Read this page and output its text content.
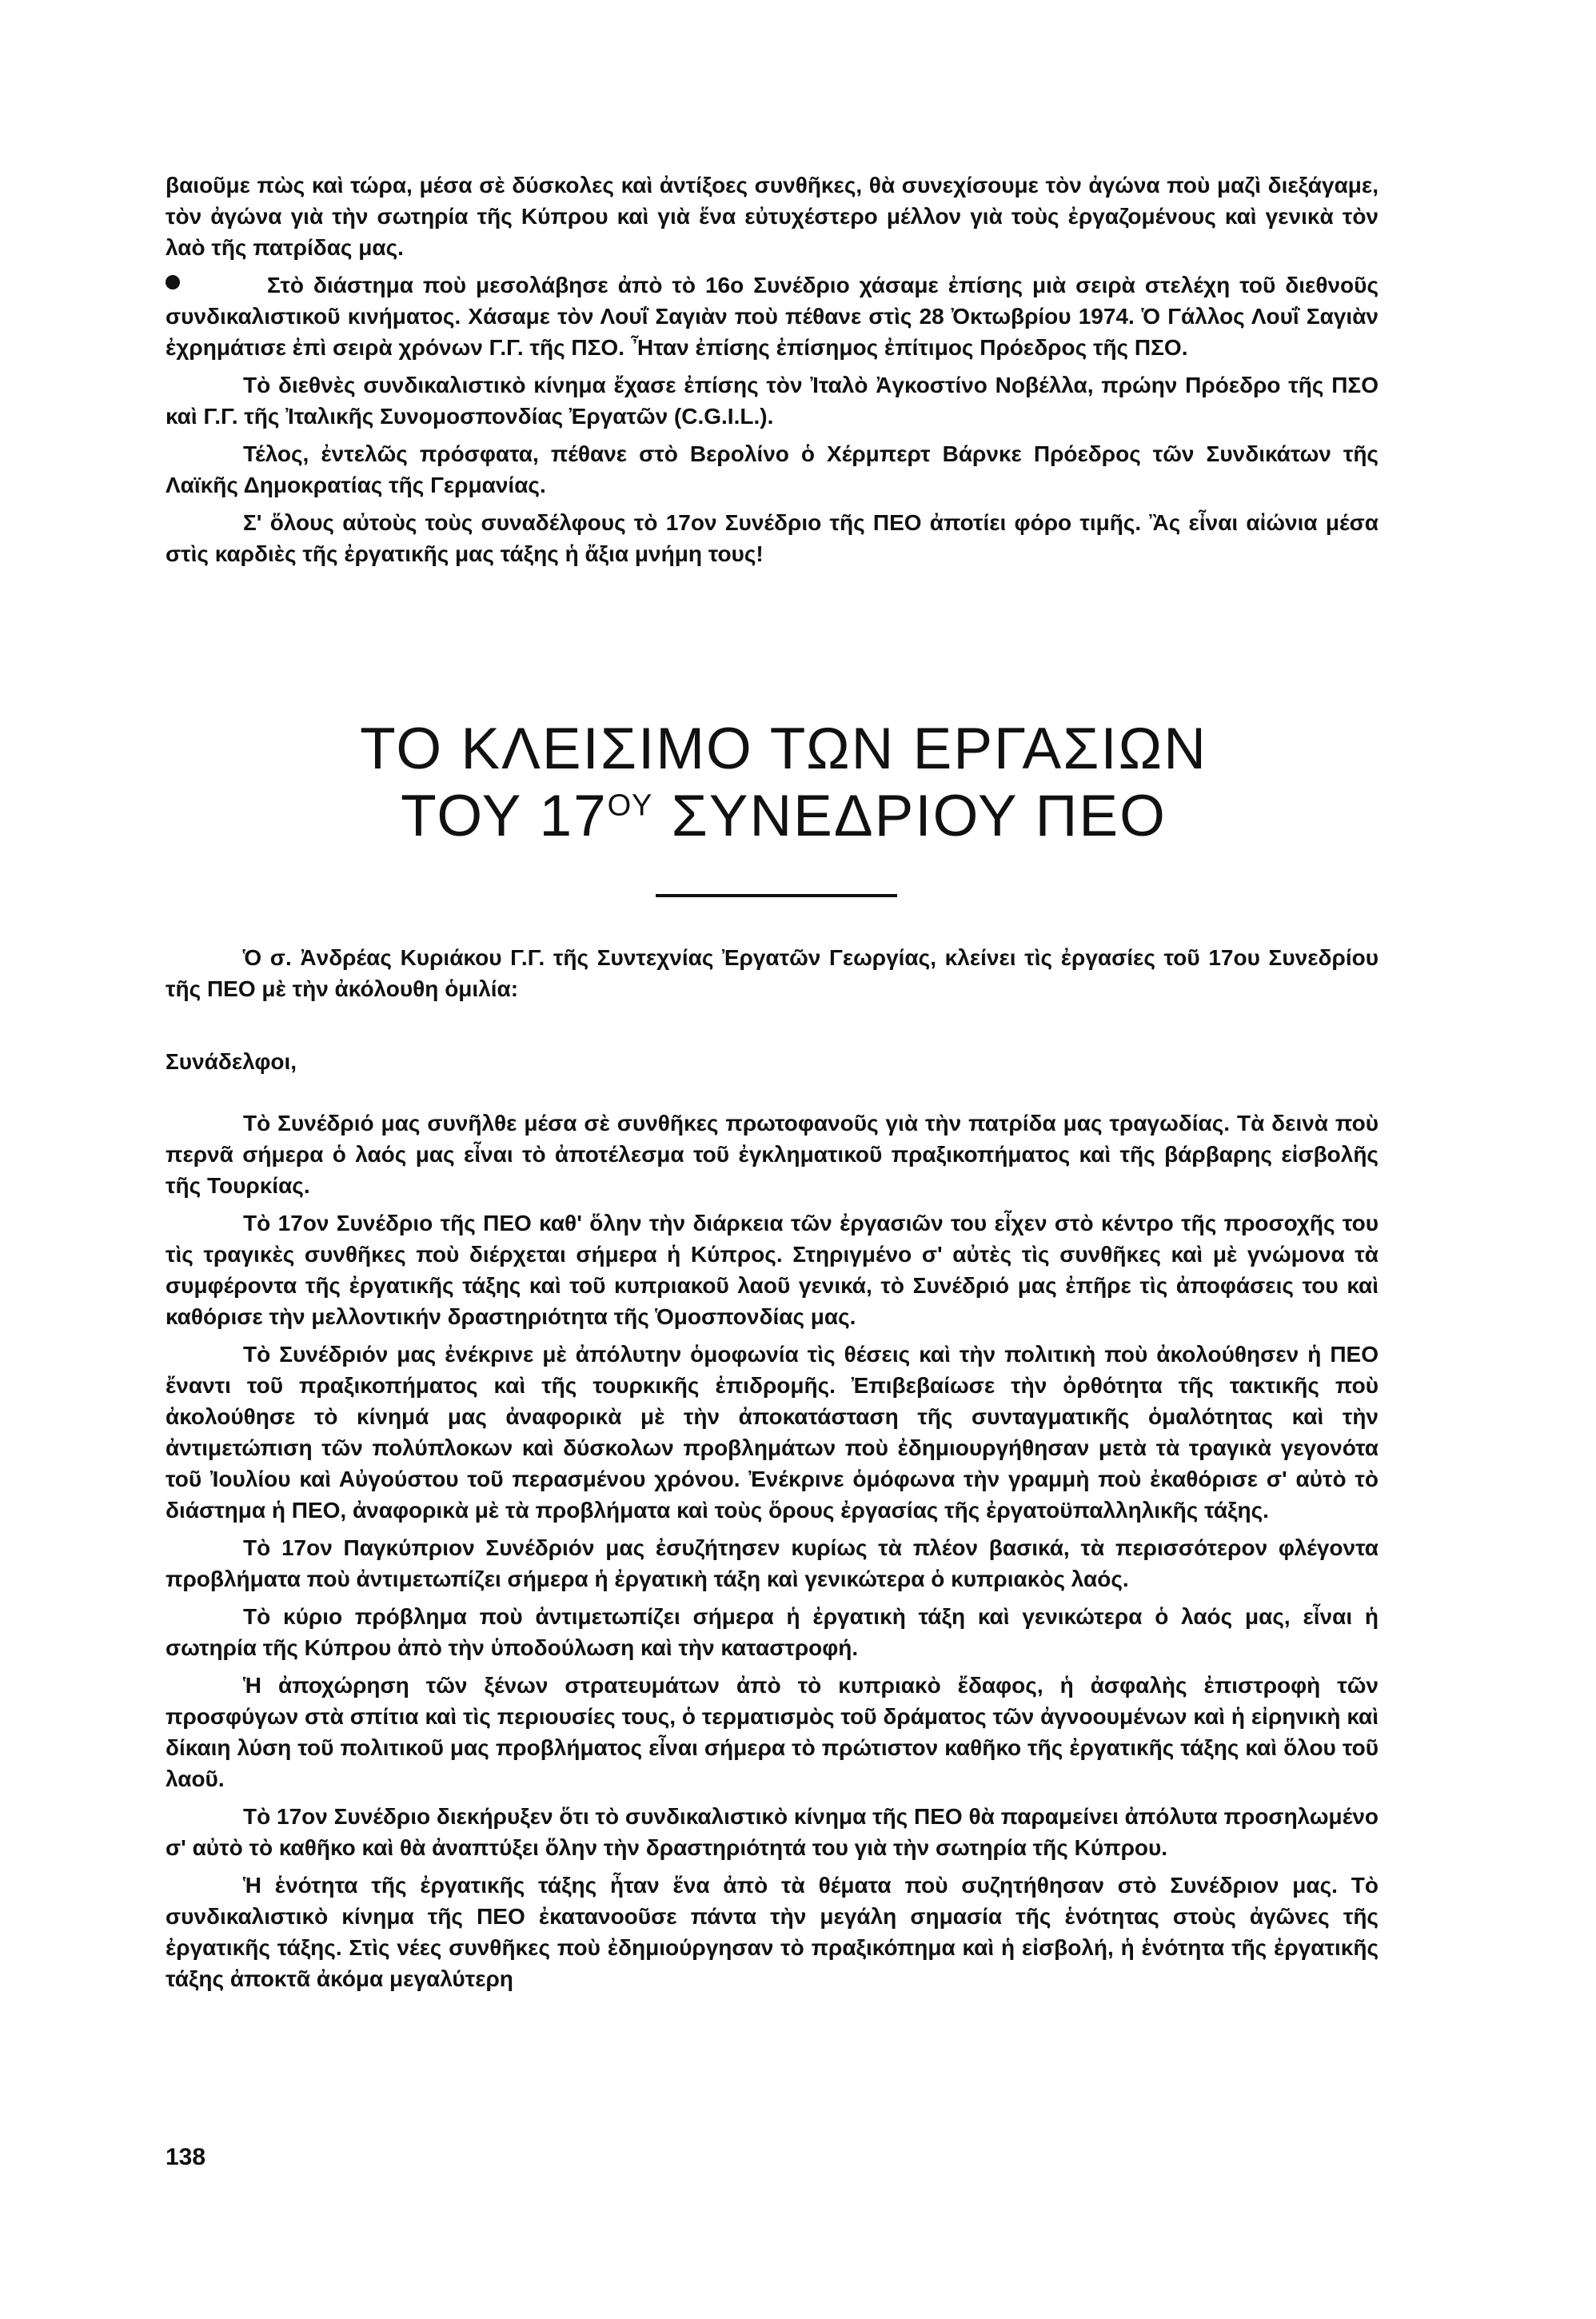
βαιοῦμε πὼς καὶ τώρα, μέσα σὲ δύσκολες καὶ ἀντίξοες συνθῆκες, θὰ συνεχίσουμε τὸν ἀγώνα ποὺ μαζὶ διεξάγαμε, τὸν ἀγώνα γιὰ τὴν σωτηρία τῆς Κύπρου καὶ γιὰ ἕνα εὐτυχέστερο μέλλον γιὰ τοὺς ἐργαζομένους καὶ γενικὰ τὸν λαὸ τῆς πατρίδας μας.

Στὸ διάστημα ποὺ μεσολάβησε ἀπὸ τὸ 16ο Συνέδριο χάσαμε ἐπίσης μιὰ σειρὰ στελέχη τοῦ διεθνοῦς συνδικαλιστικοῦ κινήματος. Χάσαμε τὸν Λουΐ Σαγιὰν ποὺ πέθανε στὶς 28 Ὀκτωβρίου 1974. Ὁ Γάλλος Λουΐ Σαγιὰν ἐχρημάτισε ἐπὶ σειρὰ χρόνων Γ.Γ. τῆς ΠΣΟ. Ἦταν ἐπίσης ἐπίσημος ἐπίτιμος Πρόεδρος τῆς ΠΣΟ.

Τὸ διεθνὲς συνδικαλιστικὸ κίνημα ἔχασε ἐπίσης τὸν Ἰταλὸ Ἀγκοστίνο Νοβέλλα, πρώην Πρόεδρο τῆς ΠΣΟ καὶ Γ.Γ. τῆς Ἰταλικῆς Συνομοσπονδίας Ἐργατῶν (C.G.I.L.).

Τέλος, ἐντελῶς πρόσφατα, πέθανε στὸ Βερολίνο ὁ Χέρμπερτ Βάρνκε Πρόεδρος τῶν Συνδικάτων τῆς Λαϊκῆς Δημοκρατίας τῆς Γερμανίας.

Σ' ὅλους αὐτοὺς τοὺς συναδέλφους τὸ 17ον Συνέδριο τῆς ΠΕΟ ἀποτίει φόρο τιμῆς. Ἂς εἶναι αἰώνια μέσα στὶς καρδιὲς τῆς ἐργατικῆς μας τάξης ἡ ἄξια μνήμη τους!

ΤΟ ΚΛΕΙΣΙΜΟ ΤΩΝ ΕΡΓΑΣΙΩΝ
ΤΟΥ $17^{O\Upsilon}$ ΣΥΝΕΔΡΙΟΥ ΠΕΟ

Ὁ σ. Ἀνδρέας Κυριάκου Γ.Γ. τῆς Συντεχνίας Ἐργατῶν Γεωργίας, κλείνει τὶς ἐργασίες τοῦ 17ου Συνεδρίου τῆς ΠΕΟ μὲ τὴν ἀκόλουθη ὁμιλία:

Συνάδελφοι,

Τὸ Συνέδριό μας συνῆλθε μέσα σὲ συνθῆκες πρωτοφανοῦς γιὰ τὴν πατρίδα μας τραγωδίας. Τὰ δεινὰ ποὺ περνᾶ σήμερα ὁ λαός μας εἶναι τὸ ἀποτέλεσμα τοῦ ἐγκληματικοῦ πραξικοπήματος καὶ τῆς βάρβαρης εἰσβολῆς τῆς Τουρκίας.

Τὸ 17ον Συνέδριο τῆς ΠΕΟ καθ' ὅλην τὴν διάρκεια τῶν ἐργασιῶν του εἶχεν στὸ κέντρο τῆς προσοχῆς του τὶς τραγικὲς συνθῆκες ποὺ διέρχεται σήμερα ἡ Κύπρος. Στηριγμένο σ' αὐτὲς τὶς συνθῆκες καὶ μὲ γνώμονα τὰ συμφέροντα τῆς ἐργατικῆς τάξης καὶ τοῦ κυπριακοῦ λαοῦ γενικά, τὸ Συνέδριό μας ἐπῆρε τὶς ἀποφάσεις του καὶ καθόρισε τὴν μελλοντικήν δραστηριότητα τῆς Ὁμοσπονδίας μας.

Τὸ Συνέδριόν μας ἐνέκρινε μὲ ἀπόλυτην ὁμοφωνία τὶς θέσεις καὶ τὴν πολιτικὴ ποὺ ἀκολούθησεν ἡ ΠΕΟ ἔναντι τοῦ πραξικοπήματος καὶ τῆς τουρκικῆς ἐπιδρομῆς. Ἐπιβεβαίωσε τὴν ὀρθότητα τῆς τακτικῆς ποὺ ἀκολούθησε τὸ κίνημά μας ἀναφορικὰ μὲ τὴν ἀποκατάσταση τῆς συνταγματικῆς ὁμαλότητας καὶ τὴν ἀντιμετώπιση τῶν πολύπλοκων καὶ δύσκολων προβλημάτων ποὺ ἐδημιουργήθησαν μετὰ τὰ τραγικὰ γεγονότα τοῦ Ἰουλίου καὶ Αὐγούστου τοῦ περασμένου χρόνου. Ἐνέκρινε ὁμόφωνα τὴν γραμμὴ ποὺ ἐκαθόρισε σ' αὐτὸ τὸ διάστημα ἡ ΠΕΟ, ἀναφορικὰ μὲ τὰ προβλήματα καὶ τοὺς ὅρους ἐργασίας τῆς ἐργατοϋπαλληλικῆς τάξης.

Τὸ 17ον Παγκύπριον Συνέδριόν μας ἐσυζήτησεν κυρίως τὰ πλέον βασικά, τὰ περισσότερον φλέγοντα προβλήματα ποὺ ἀντιμετωπίζει σήμερα ἡ ἐργατικὴ τάξη καὶ γενικώτερα ὁ κυπριακὸς λαός.

Τὸ κύριο πρόβλημα ποὺ ἀντιμετωπίζει σήμερα ἡ ἐργατικὴ τάξη καὶ γενικώτερα ὁ λαός μας, εἶναι ἡ σωτηρία τῆς Κύπρου ἀπὸ τὴν ὑποδούλωση καὶ τὴν καταστροφή.

Ἡ ἀποχώρηση τῶν ξένων στρατευμάτων ἀπὸ τὸ κυπριακὸ ἔδαφος, ἡ ἀσφαλὴς ἐπιστροφὴ τῶν προσφύγων στὰ σπίτια καὶ τὶς περιουσίες τους, ὁ τερματισμὸς τοῦ δράματος τῶν ἀγνοουμένων καὶ ἡ εἰρηνικὴ καὶ δίκαιη λύση τοῦ πολιτικοῦ μας προβλήματος εἶναι σήμερα τὸ πρώτιστον καθῆκο τῆς ἐργατικῆς τάξης καὶ ὅλου τοῦ λαοῦ.

Τὸ 17ον Συνέδριο διεκήρυξεν ὅτι τὸ συνδικαλιστικὸ κίνημα τῆς ΠΕΟ θὰ παραμείνει ἀπόλυτα προσηλωμένο σ' αὐτὸ τὸ καθῆκο καὶ θὰ ἀναπτύξει ὅλην τὴν δραστηριότητά του γιὰ τὴν σωτηρία τῆς Κύπρου.

Ἡ ἑνότητα τῆς ἐργατικῆς τάξης ἦταν ἕνα ἀπὸ τὰ θέματα ποὺ συζητήθησαν στὸ Συνέδριον μας. Τὸ συνδικαλιστικὸ κίνημα τῆς ΠΕΟ ἐκατανοοῦσε πάντα τὴν μεγάλη σημασία τῆς ἑνότητας στοὺς ἀγῶνες τῆς ἐργατικῆς τάξης. Στὶς νέες συνθῆκες ποὺ ἐδημιούργησαν τὸ πραξικόπημα καὶ ἡ εἰσβολή, ἡ ἑνότητα τῆς ἐργατικῆς τάξης ἀποκτᾶ ἀκόμα μεγαλύτερη

138
